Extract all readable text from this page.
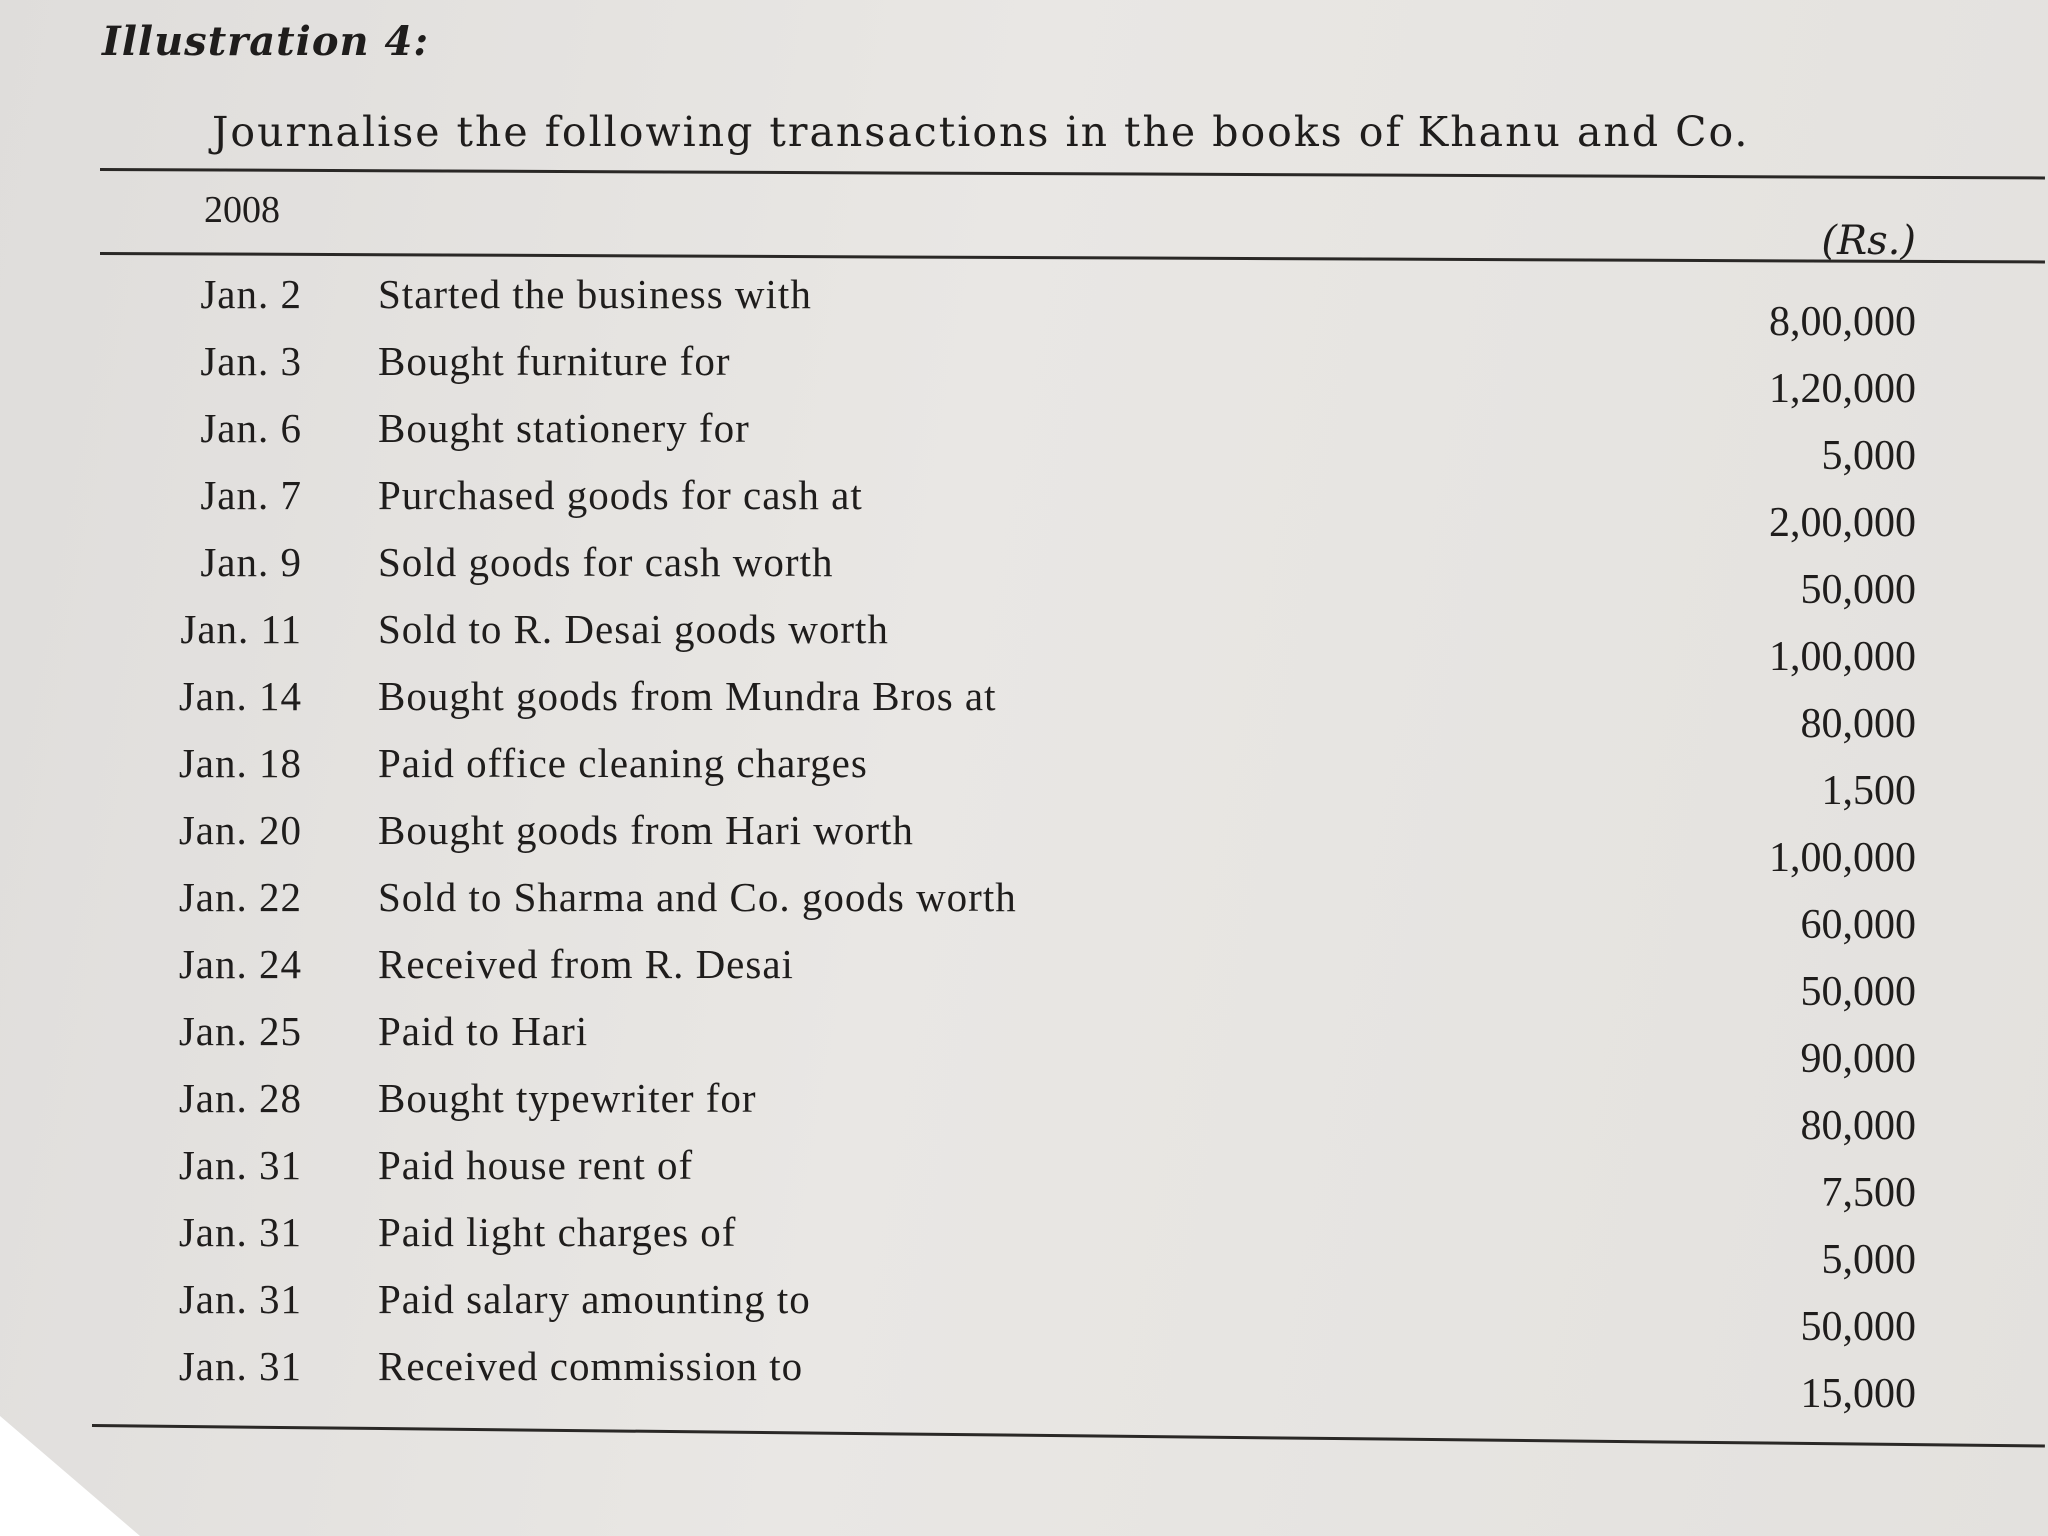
Illustration 4:
Journalise the following transactions in the books of Khanu and Co.
2008
(Rs.)
Jan. 2 Started the business with
8,00,000
Jan. 3 Bought furniture for
1,20,000
Jan. 6 Bought stationery for
5,000
Jan. 7 Purchased goods for cash at
2,00,000
Jan. 9 Sold goods for cash worth
50,000
Jan. 11 Sold to R. Desai goods worth
1,00,000
Jan. 14 Bought goods from Mundra Bros at
80,000
Jan. 18 Paid office cleaning charges
1,500
Jan. 20 Bought goods from Hari worth
1,00,000
Jan. 22 Sold to Sharma and Co. goods worth
60,000
Jan. 24 Received from R. Desai
50,000
Jan. 25 Paid to Hari
90,000
Jan. 28 Bought typewriter for
80,000
Jan. 31 Paid house rent of
7,500
Jan. 31 Paid light charges of
5,000
Jan. 31 Paid salary amounting to
50,000
Jan. 31 Received commission to
15,000
